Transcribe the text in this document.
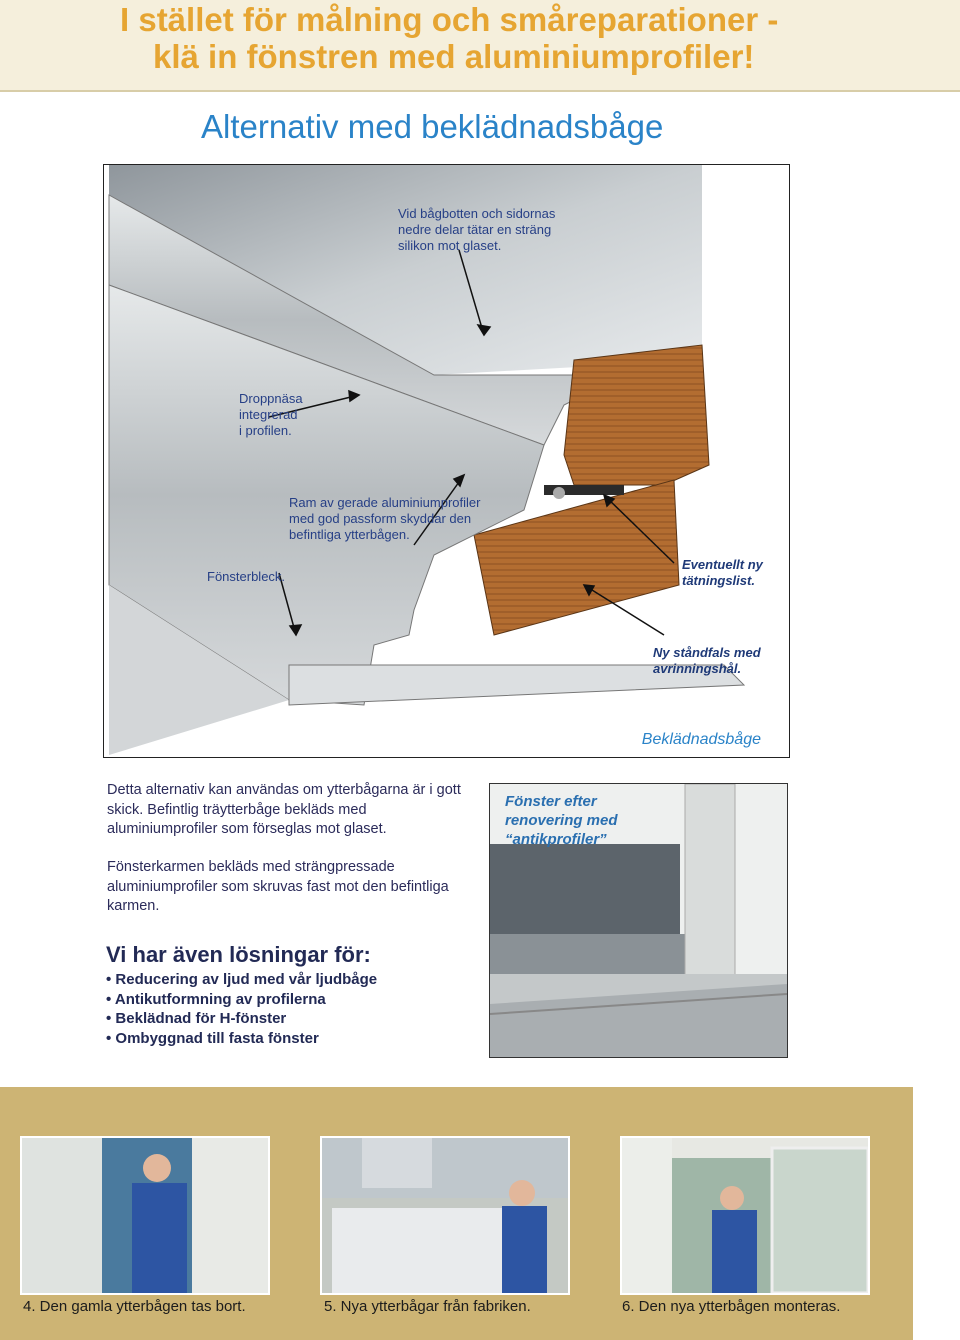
I stället för målning och småreparationer -
klä in fönstren med aluminiumprofiler!
Alternativ med beklädnadsbåge
Vid bågbotten och sidornas
nedre delar tätar en sträng
silikon mot glaset.
Droppnäsa
integrerad
i profilen.
Ram av gerade aluminiumprofiler
med god passform skyddar den
befintliga ytterbågen.
Fönsterbleck.
Eventuellt ny
tätningslist.
Ny ståndfals med
avrinningshål.
Beklädnadsbåge

Detta alternativ kan användas om ytterbågarna är i gott skick. Befintlig träytterbåge bekläds med aluminiumprofiler som förseglas mot glaset.

Fönsterkarmen bekläds med strängpressade aluminiumprofiler som skruvas fast mot den befintliga karmen.

Fönster efter
renovering med
“antikprofiler”
Vi har även lösningar för:
• Reducering av ljud med vår ljudbåge
• Antikutformning av profilerna
• Beklädnad för H-fönster
• Ombyggnad till fasta fönster

4. Den gamla ytterbågen tas bort.	5. Nya ytterbågar från fabriken.	6. Den nya ytterbågen monteras.
